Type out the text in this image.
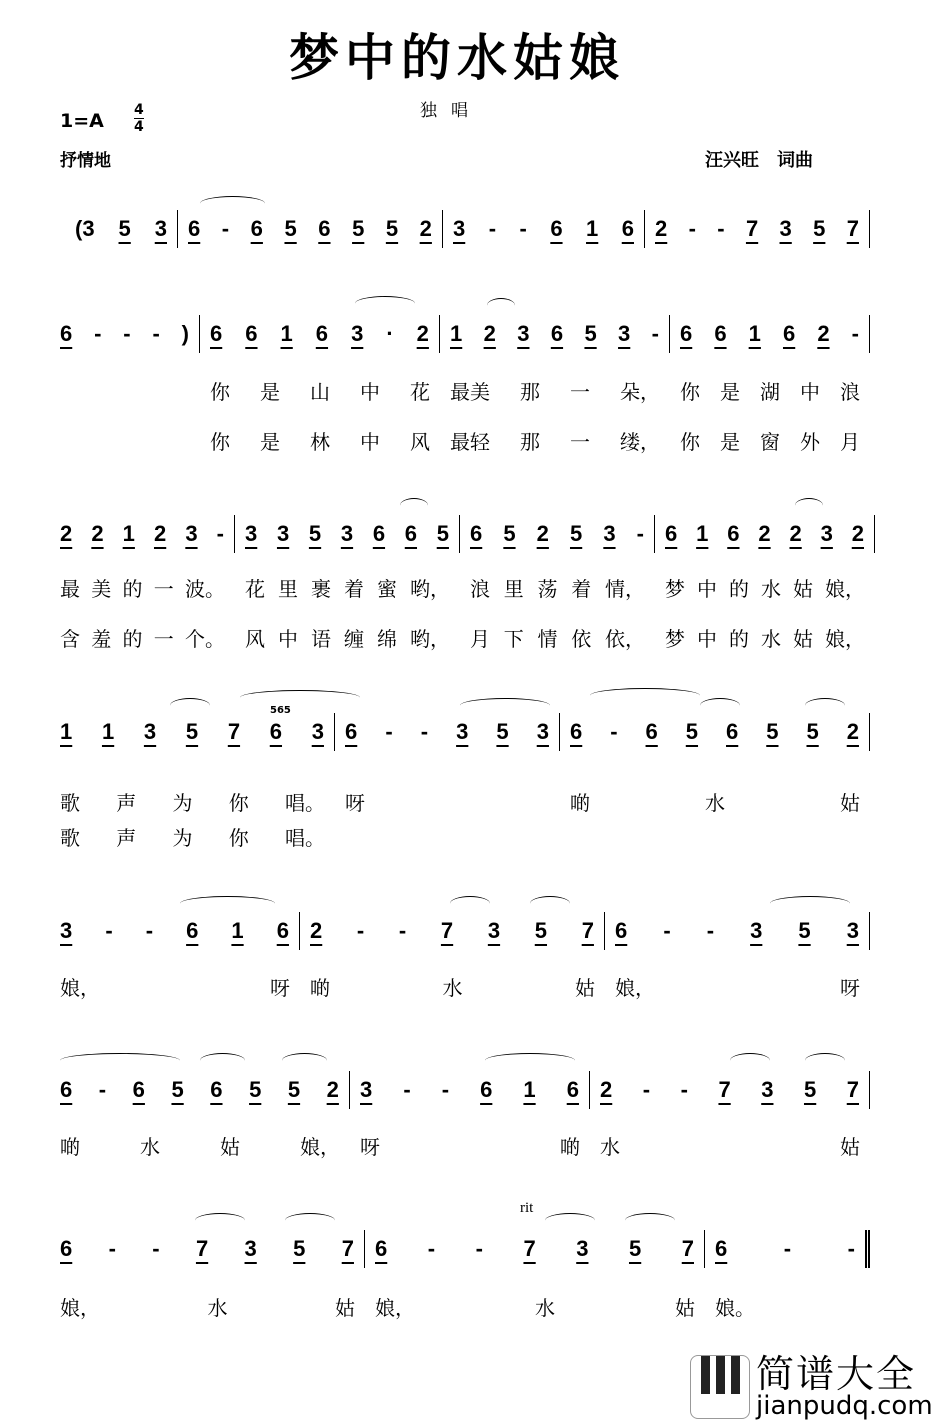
梦中的水姑娘
独唱
1=A 4
4
抒情地	汪兴旺　词曲
(3 5 3 6 - 6 5 6 5 5 2 3 - - 6 1 6 2 - - 7 3 5 7
6 - - - ) 6 6 1 6 3 · 2 1 2 3 6 5 3 - 6 6 1 6 2 -
你 是 山 中 花 最美 那 一 朵， 你 是 湖 中 浪
你 是 林 中 风 最轻 那 一 缕， 你 是 窗 外 月
2 2 1 2 3 - 3 3 5 3 6 6 5 6 5 2 5 3 - 6 1 6 2 2 3 2
最 美 的 一 波。 花 里 裹 着 蜜 哟， 浪 里 荡 着 情， 梦 中 的 水 姑 娘，
含 羞 的 一 个。 风 中 语 缠 绵 哟， 月 下 情 依 依， 梦 中 的 水 姑 娘，
1 1 3 5 7 6 3 6 - - 3 5 3 6 - 6 5 6 5 5 2
歌 声 为 你 唱。 呀	啲	水	姑
歌 声 为 你 唱。
3 - - 6 1 6 2 - - 7 3 5 7 6 - - 3 5 3
娘，	呀 啲	水	姑 娘，	呀
6 - 6 5 6 5 5 2 3 - - 6 1 6 2 - - 7 3 5 7
啲	水	姑	娘， 呀	啲 水	姑
6 - - 7 3 5 7 6 - - 7 3 5 7 6	-	-
娘，	水	姑 娘，	水	姑 娘。
rit
565
简谱大全
jianpudq.com
